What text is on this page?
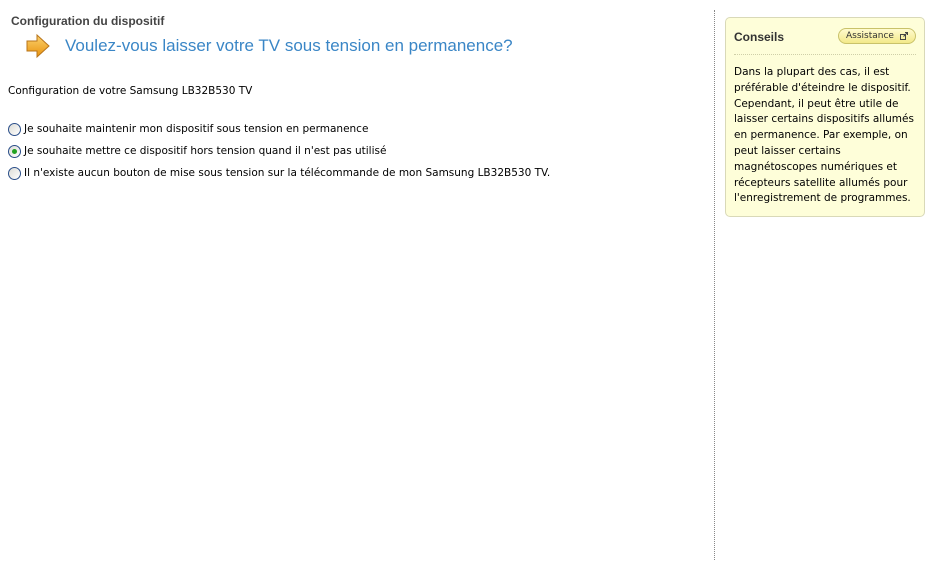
Configuration du dispositif
Voulez-vous laisser votre TV sous tension en permanence?
Configuration de votre Samsung LB32B530 TV
Je souhaite maintenir mon dispositif sous tension en permanence
Je souhaite mettre ce dispositif hors tension quand il n'est pas utilisé
Il n'existe aucun bouton de mise sous tension sur la télécommande de mon Samsung LB32B530 TV.
Conseils	Assistance

Dans la plupart des cas, il est préférable d'éteindre le dispositif. Cependant, il peut être utile de laisser certains dispositifs allumés en permanence. Par exemple, on peut laisser certains magnétoscopes numériques et récepteurs satellite allumés pour l'enregistrement de programmes.
